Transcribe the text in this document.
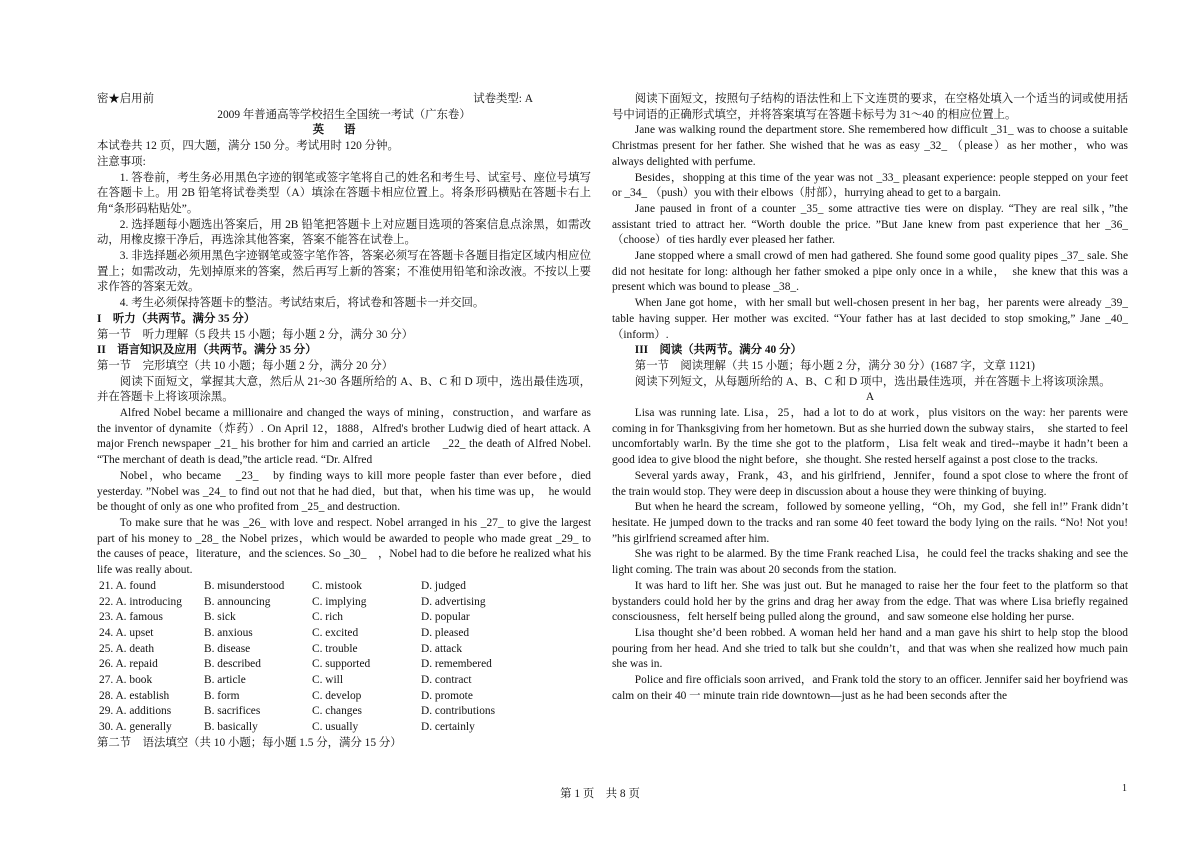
密★启用前	试卷类型: A

2009 年普通高等学校招生全国统一考试（广东卷）

英语

本试卷共 12 页，四大题，满分 150 分。考试用时 120 分钟。

注意事项:

1. 答卷前，考生务必用黑色字迹的钢笔或签字笔将自己的姓名和考生号、试室号、座位号填写在答题卡上。用 2B 铅笔将试卷类型（A）填涂在答题卡相应位置上。将条形码横贴在答题卡右上角“条形码粘贴处”。

2. 选择题每小题选出答案后，用 2B 铅笔把答题卡上对应题目选项的答案信息点涂黑，如需改动，用橡皮擦干净后，再选涂其他答案，答案不能答在试卷上。

3. 非选择题必须用黑色字迹钢笔或签字笔作答，答案必须写在答题卡各题目指定区域内相应位置上；如需改动，先划掉原来的答案，然后再写上新的答案；不准使用铅笔和涂改液。不按以上要求作答的答案无效。

4. 考生必须保持答题卡的整洁。考试结束后，将试卷和答题卡一并交回。

I　听力（共两节。满分 35 分）

第一节　听力理解（5 段共 15 小题；每小题 2 分，满分 30 分）

II　语言知识及应用（共两节。满分 35 分）

第一节　完形填空（共 10 小题；每小题 2 分，满分 20 分）

阅读下面短文，掌握其大意，然后从 21~30 各题所给的 A、B、C 和 D 项中，选出最佳选项，并在答题卡上将该项涂黑。

Alfred Nobel became a millionaire and changed the ways of mining，construction，and warfare as the inventor of dynamite（炸药）. On April 12，1888，Alfred's brother Ludwig died of heart attack. A major French newspaper _21_ his brother for him and carried an article　_22_ the death of Alfred Nobel. “The merchant of death is dead,”the article read. “Dr. Alfred

Nobel，who became　_23_　by finding ways to kill more people faster than ever before，died yesterday. ”Nobel was _24_ to find out not that he had died，but that，when his time was up，　he would be thought of only as one who profited from _25_ and destruction.

To make sure that he was _26_ with love and respect. Nobel arranged in his _27_ to give the largest part of his money to _28_ the Nobel prizes，which would be awarded to people who made great _29_ to the causes of peace，literature，and the sciences. So _30_　，Nobel had to die before he realized what his life was really about.

21. A. found	B. misunderstood	C. mistook	D. judged
22. A. introducing	B. announcing	C. implying	D. advertising
23. A. famous	B. sick	C. rich	D. popular
24. A. upset	B. anxious	C. excited	D. pleased
25. A. death	B. disease	C. trouble	D. attack
26. A. repaid	B. described	C. supported	D. remembered
27. A. book	B. article	C. will	D. contract
28. A. establish	B. form	C. develop	D. promote
29. A. additions	B. sacrifices	C. changes	D. contributions
30. A. generally	B. basically	C. usually	D. certainly

第二节　语法填空（共 10 小题；每小题 1.5 分，满分 15 分）

阅读下面短文，按照句子结构的语法性和上下文连贯的要求，在空格处填入一个适当的词或使用括号中词语的正确形式填空，并将答案填写在答题卡标号为 31～40 的相应位置上。

Jane was walking round the department store. She remembered how difficult _31_ was to choose a suitable Christmas present for her father. She wished that he was as easy _32_ （please）as her mother，who was always delighted with perfume.

Besides，shopping at this time of the year was not _33_ pleasant experience: people stepped on your feet or _34_ （push）you with their elbows（肘部），hurrying ahead to get to a bargain.

Jane paused in front of a counter _35_ some attractive ties were on display. “They are real silk，”the assistant tried to attract her. “Worth double the price. ”But Jane knew from past experience that her _36_ （choose）of ties hardly ever pleased her father.

Jane stopped where a small crowd of men had gathered. She found some good quality pipes _37_ sale. She did not hesitate for long: although her father smoked a pipe only once in a while，　she knew that this was a present which was bound to please _38_.

When Jane got home，with her small but well-chosen present in her bag，her parents were already _39_ table having supper. Her mother was excited. “Your father has at last decided to stop smoking,” Jane _40_ （inform）.

III　阅读（共两节。满分 40 分）

第一节　阅读理解（共 15 小题；每小题 2 分，满分 30 分）(1687 字，文章 1121)

阅读下列短文，从每题所给的 A、B、C 和 D 项中，选出最佳选项，并在答题卡上将该项涂黑。

A

Lisa was running late. Lisa，25，had a lot to do at work，plus visitors on the way: her parents were coming in for Thanksgiving from her hometown. But as she hurried down the subway stairs，　she started to feel uncomfortably warln. By the time she got to the platform，Lisa felt weak and tired--maybe it hadn’t been a good idea to give blood the night before，she thought. She rested herself against a post close to the tracks.

Several yards away，Frank，43，and his girlfriend，Jennifer，found a spot close to where the front of the train would stop. They were deep in discussion about a house they were thinking of buying.

But when he heard the scream，followed by someone yelling，“Oh，my God，she fell in!” Frank didn’t hesitate. He jumped down to the tracks and ran some 40 feet toward the body lying on the rails. “No! Not you! ”his girlfriend screamed after him.

She was right to be alarmed. By the time Frank reached Lisa，he could feel the tracks shaking and see the light coming. The train was about 20 seconds from the station.

It was hard to lift her. She was just out. But he managed to raise her the four feet to the platform so that bystanders could hold her by the grins and drag her away from the edge. That was where Lisa briefly regained consciousness，felt herself being pulled along the ground，and saw someone else holding her purse.

Lisa thought she’d been robbed. A woman held her hand and a man gave his shirt to help stop the blood pouring from her head. And she tried to talk but she couldn’t，and that was when she realized how much pain she was in.

Police and fire officials soon arrived，and Frank told the story to an officer. Jennifer said her boyfriend was calm on their 40 一 minute train ride downtown—just as he had been seconds after the

第 1 页　共 8 页	1
